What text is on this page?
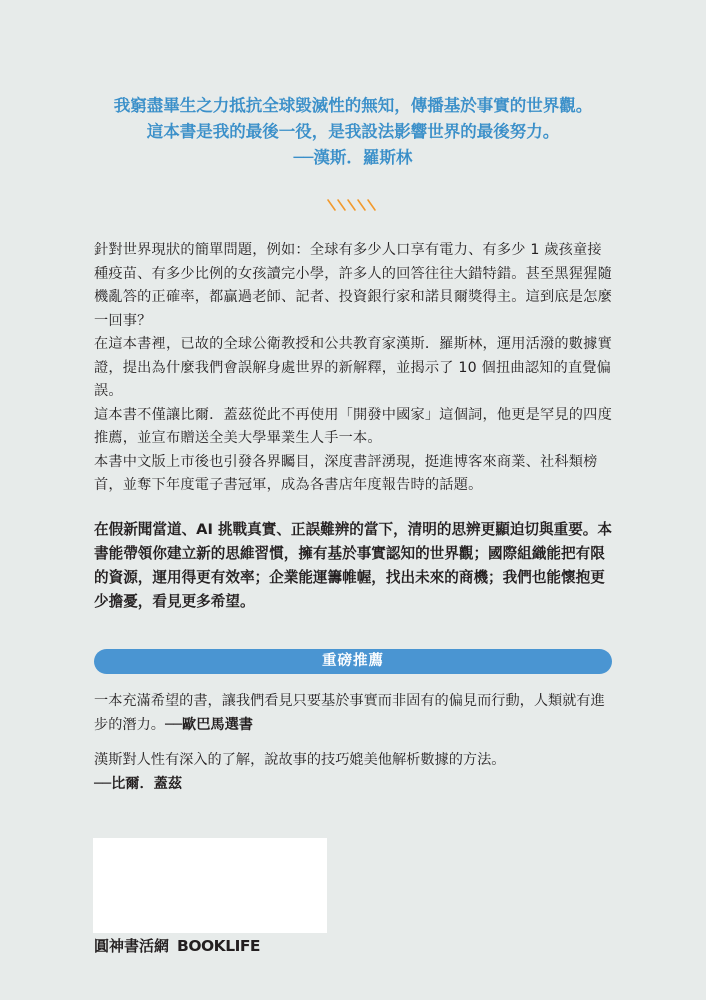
我窮盡畢生之力抵抗全球毀滅性的無知，傳播基於事實的世界觀。
這本書是我的最後一役，是我設法影響世界的最後努力。
──漢斯．羅斯林

針對世界現狀的簡單問題，例如：全球有多少人口享有電力、有多少 1 歲孩童接種疫苗、有多少比例的女孩讀完小學，許多人的回答往往大錯特錯。甚至黑猩猩隨機亂答的正確率，都贏過老師、記者、投資銀行家和諾貝爾獎得主。這到底是怎麼一回事？

在這本書裡，已故的全球公衛教授和公共教育家漢斯．羅斯林，運用活潑的數據實證，提出為什麼我們會誤解身處世界的新解釋，並揭示了 10 個扭曲認知的直覺偏誤。

這本書不僅讓比爾．蓋茲從此不再使用「開發中國家」這個詞，他更是罕見的四度推薦，並宣布贈送全美大學畢業生人手一本。

本書中文版上市後也引發各界矚目，深度書評湧現，挺進博客來商業、社科類榜首，並奪下年度電子書冠軍，成為各書店年度報告時的話題。

在假新聞當道、AI 挑戰真實、正誤難辨的當下，清明的思辨更顯迫切與重要。本書能帶領你建立新的思維習慣，擁有基於事實認知的世界觀；國際組織能把有限的資源，運用得更有效率；企業能運籌帷幄，找出未來的商機；我們也能懷抱更少擔憂，看見更多希望。

重磅推薦

一本充滿希望的書，讓我們看見只要基於事實而非固有的偏見而行動，人類就有進步的潛力。──歐巴馬選書

漢斯對人性有深入的了解，說故事的技巧媲美他解析數據的方法。

──比爾．蓋茲

圓神書活網 BOOKLIFE
